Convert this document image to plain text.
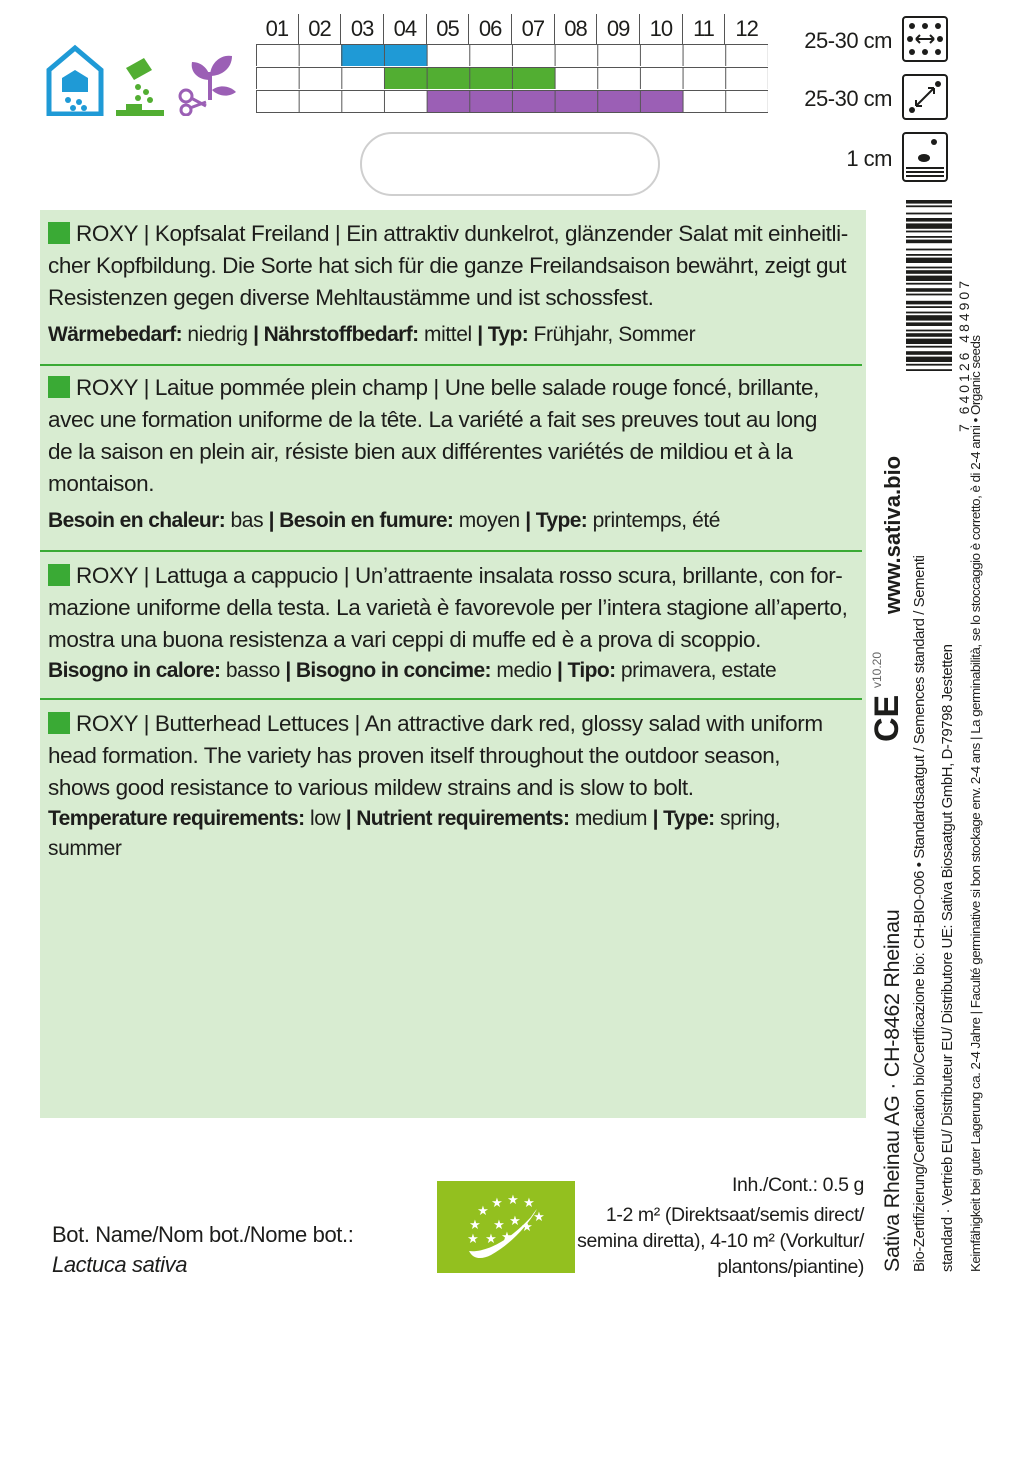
01 02 03 04 05 06 07 08 09 10 11 12	25-30 cm
25-30 cm
1 cm

ROXY | Kopfsalat Freiland | Ein attraktiv dunkelrot, glänzender Salat mit einheitli-

cher Kopfbildung. Die Sorte hat sich für die ganze Freilandsaison bewährt, zeigt gut

Resistenzen gegen diverse Mehltaustämme und ist schossfest.

Wärmebedarf: niedrig | Nährstoffbedarf: mittel | Typ: Frühjahr, Sommer

ROXY | Laitue pommée plein champ | Une belle salade rouge foncé, brillante,

avec une formation uniforme de la tête. La variété a fait ses preuves tout au long

de la saison en plein air, résiste bien aux différentes variétés de mildiou et à la

montaison.

Besoin en chaleur: bas | Besoin en fumure: moyen | Type: printemps, été

ROXY | Lattuga a cappucio | Un’attraente insalata rosso scura, brillante, con for-

mazione uniforme della testa. La varietà è favorevole per l’intera stagione all’aperto,

mostra una buona resistenza a vari ceppi di muffe ed è a prova di scoppio.

Bisogno in calore: basso | Bisogno in concime: medio | Tipo: primavera, estate

ROXY | Butterhead Lettuces | An attractive dark red, glossy salad with uniform

head formation. The variety has proven itself throughout the outdoor season,

shows good resistance to various mildew strains and is slow to bolt.

Temperature requirements: low | Nutrient requirements: medium | Type: spring,

summer

7 640126 484907
www.sativa.bio
v10.20
CE
Sativa Rheinau AG · CH-8462 Rheinau Bio-Zertifizierung/Certification bio/Certificazione bio: CH-BIO-006 • Standardsaatgut / Semences standard / Sementi standard · Vertrieb EU/ Distributeur EU/ Distributore UE: Sativa Biosaatgut GmbH, D-79798 Jestetten Keimfähigkeit bei guter Lagerung ca. 2-4 Jahre | Faculté germinative si bon stockage env. 2-4 ans | La germinabilità, se lo stoccaggio è corretto, è di 2-4 anni • Organic seeds
Bot. Name/Nom bot./Nome bot.:
Lactuca sativa
★
★ ★ ★
★
★
★ ★
★ ★
★
★
Inh./Cont.: 0.5 g
1-2 m² (Direktsaat/semis direct/
semina diretta), 4-10 m² (Vorkultur/
plantons/piantine)
